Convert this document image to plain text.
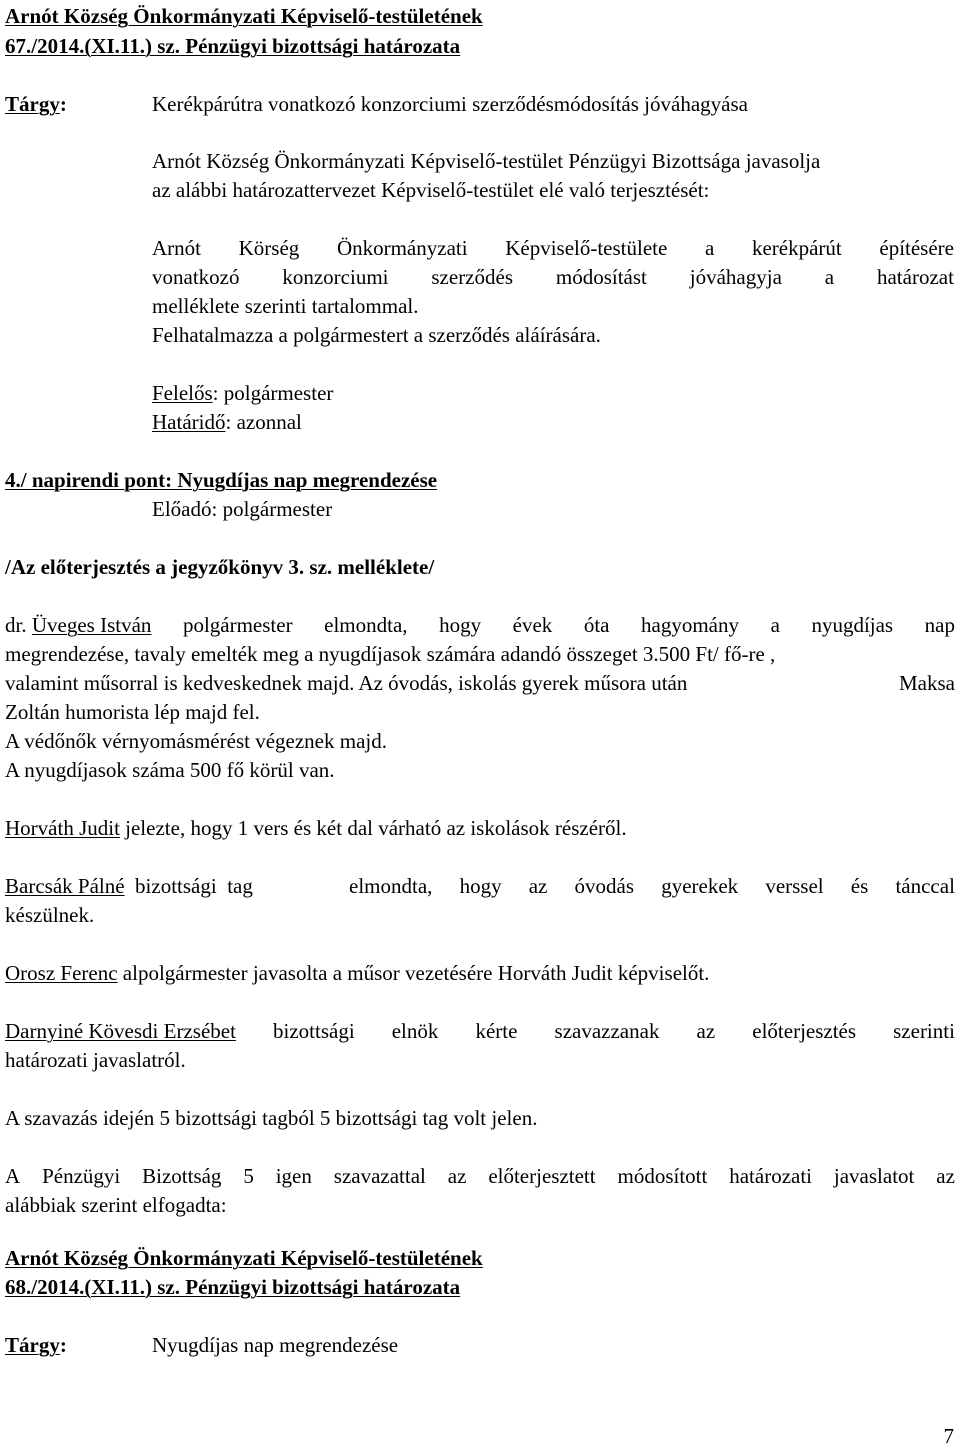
Arnót Község Önkormányzati Képviselő-testületének
67./2014.(XI.11.) sz. Pénzügyi bizottsági határozata
Tárgy:	Kerékpárútra vonatkozó konzorciumi szerződésmódosítás jóváhagyása
Arnót Község Önkormányzati Képviselő-testület Pénzügyi Bizottsága javasolja
az alábbi határozattervezet Képviselő-testület elé való terjesztését:
Arnót Körség Önkormányzati Képviselő-testülete a kerékpárút építésére
vonatkozó konzorciumi szerződés módosítást jóváhagyja a határozat
melléklete szerinti tartalommal.
Felhatalmazza a polgármestert a szerződés aláírására.
Felelős: polgármester
Határidő: azonnal
4./ napirendi pont: Nyugdíjas nap megrendezése
Előadó: polgármester
/Az előterjesztés a jegyzőkönyv 3. sz. melléklete/
dr. Üveges István polgármester elmondta, hogy évek óta hagyomány a nyugdíjas nap
megrendezése, tavaly emelték meg a nyugdíjasok számára adandó összeget 3.500 Ft/ fő-re ,
valamint műsorral is kedveskednek majd. Az óvodás, iskolás gyerek műsora után	Maksa
Zoltán humorista lép majd fel.
A védőnők vérnyomásmérést végeznek majd.
A nyugdíjasok száma 500 fő körül van.
Horváth Judit jelezte, hogy 1 vers és két dal várható az iskolások részéről.
Barcsák Pálné bizottsági tag	elmondta, hogy az óvodás gyerekek verssel és tánccal
készülnek.
Orosz Ferenc alpolgármester javasolta a műsor vezetésére Horváth Judit képviselőt.
Darnyiné Kövesdi Erzsébet bizottsági elnök kérte szavazzanak az előterjesztés szerinti
határozati javaslatról.
A szavazás idején 5 bizottsági tagból 5 bizottsági tag volt jelen.
A Pénzügyi Bizottság 5 igen szavazattal az előterjesztett módosított határozati javaslatot az
alábbiak szerint elfogadta:
Arnót Község Önkormányzati Képviselő-testületének
68./2014.(XI.11.) sz. Pénzügyi bizottsági határozata
Tárgy:	Nyugdíjas nap megrendezése
7
